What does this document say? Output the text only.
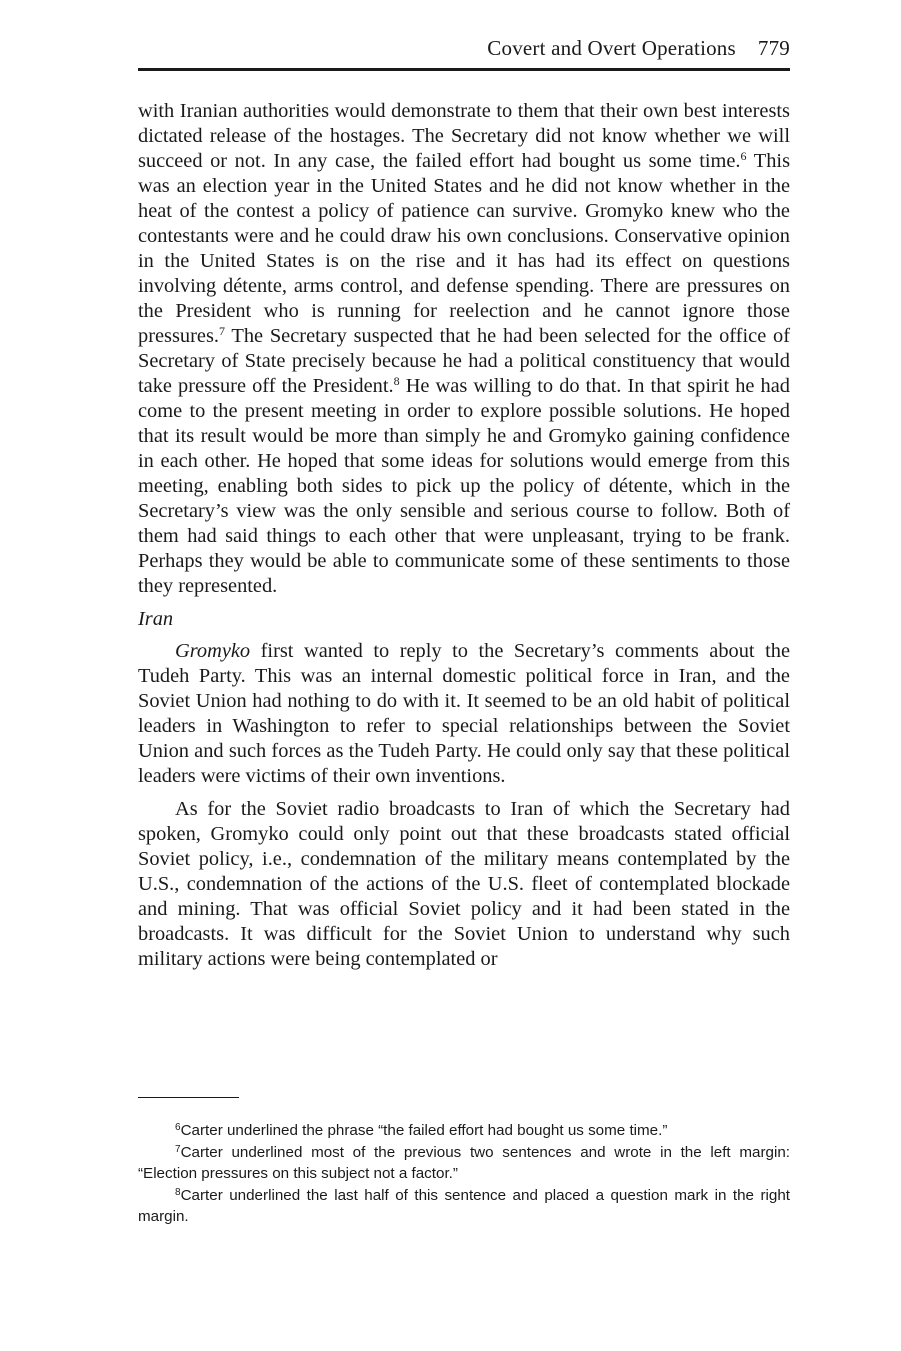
Covert and Overt Operations 779

with Iranian authorities would demonstrate to them that their own best interests dictated release of the hostages. The Secretary did not know whether we will succeed or not. In any case, the failed effort had bought us some time.$^6$ This was an election year in the United States and he did not know whether in the heat of the contest a policy of patience can survive. Gromyko knew who the contestants were and he could draw his own conclusions. Conservative opinion in the United States is on the rise and it has had its effect on questions involving détente, arms control, and defense spending. There are pressures on the President who is running for reelection and he cannot ignore those pressures.$^7$ The Secretary suspected that he had been selected for the office of Secretary of State precisely because he had a political constituency that would take pressure off the President.$^8$ He was willing to do that. In that spirit he had come to the present meeting in order to explore possible solutions. He hoped that its result would be more than simply he and Gromyko gaining confidence in each other. He hoped that some ideas for solutions would emerge from this meeting, enabling both sides to pick up the policy of détente, which in the Secretary’s view was the only sensible and serious course to follow. Both of them had said things to each other that were unpleasant, trying to be frank. Perhaps they would be able to communicate some of these sentiments to those they represented.

Iran

Gromyko first wanted to reply to the Secretary’s comments about the Tudeh Party. This was an internal domestic political force in Iran, and the Soviet Union had nothing to do with it. It seemed to be an old habit of political leaders in Washington to refer to special relationships between the Soviet Union and such forces as the Tudeh Party. He could only say that these political leaders were victims of their own inventions.

As for the Soviet radio broadcasts to Iran of which the Secretary had spoken, Gromyko could only point out that these broadcasts stated official Soviet policy, i.e., condemnation of the military means contemplated by the U.S., condemnation of the actions of the U.S. fleet of contemplated blockade and mining. That was official Soviet policy and it had been stated in the broadcasts. It was difficult for the Soviet Union to understand why such military actions were being contemplated or

$^6$Carter underlined the phrase “the failed effort had bought us some time.”

$^7$Carter underlined most of the previous two sentences and wrote in the left margin: “Election pressures on this subject not a factor.”

$^8$Carter underlined the last half of this sentence and placed a question mark in the right margin.
